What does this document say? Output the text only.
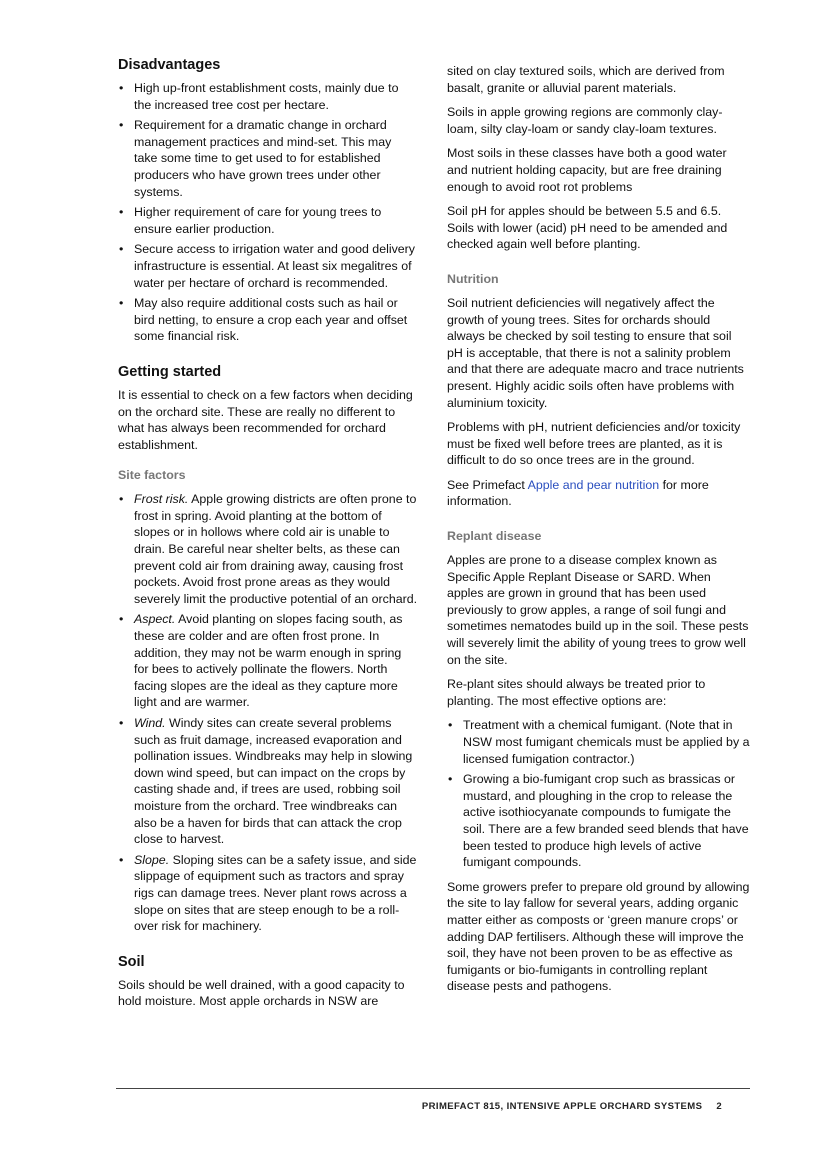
Disadvantages
• High up-front establishment costs, mainly due to the increased tree cost per hectare.
• Requirement for a dramatic change in orchard management practices and mind-set. This may take some time to get used to for established producers who have grown trees under other systems.
• Higher requirement of care for young trees to ensure earlier production.
• Secure access to irrigation water and good delivery infrastructure is essential. At least six megalitres of water per hectare of orchard is recommended.
• May also require additional costs such as hail or bird netting, to ensure a crop each year and offset some financial risk.
Getting started

It is essential to check on a few factors when deciding on the orchard site. These are really no different to what has always been recommended for orchard establishment.

Site factors
• Frost risk. Apple growing districts are often prone to frost in spring. Avoid planting at the bottom of slopes or in hollows where cold air is unable to drain. Be careful near shelter belts, as these can prevent cold air from draining away, causing frost pockets. Avoid frost prone areas as they would severely limit the productive potential of an orchard.
• Aspect. Avoid planting on slopes facing south, as these are colder and are often frost prone. In addition, they may not be warm enough in spring for bees to actively pollinate the flowers. North facing slopes are the ideal as they capture more light and are warmer.
• Wind. Windy sites can create several problems such as fruit damage, increased evaporation and pollination issues. Windbreaks may help in slowing down wind speed, but can impact on the crops by casting shade and, if trees are used, robbing soil moisture from the orchard. Tree windbreaks can also be a haven for birds that can attack the crop close to harvest.
• Slope. Sloping sites can be a safety issue, and side slippage of equipment such as tractors and spray rigs can damage trees. Never plant rows across a slope on sites that are steep enough to be a roll-over risk for machinery.
Soil

Soils should be well drained, with a good capacity to hold moisture. Most apple orchards in NSW are

sited on clay textured soils, which are derived from basalt, granite or alluvial parent materials.

Soils in apple growing regions are commonly clay-loam, silty clay-loam or sandy clay-loam textures.

Most soils in these classes have both a good water and nutrient holding capacity, but are free draining enough to avoid root rot problems

Soil pH for apples should be between 5.5 and 6.5. Soils with lower (acid) pH need to be amended and checked again well before planting.

Nutrition

Soil nutrient deficiencies will negatively affect the growth of young trees. Sites for orchards should always be checked by soil testing to ensure that soil pH is acceptable, that there is not a salinity problem and that there are adequate macro and trace nutrients present. Highly acidic soils often have problems with aluminium toxicity.

Problems with pH, nutrient deficiencies and/or toxicity must be fixed well before trees are planted, as it is difficult to do so once trees are in the ground.

See Primefact Apple and pear nutrition for more information.

Replant disease

Apples are prone to a disease complex known as Specific Apple Replant Disease or SARD. When apples are grown in ground that has been used previously to grow apples, a range of soil fungi and sometimes nematodes build up in the soil. These pests will severely limit the ability of young trees to grow well on the site.

Re-plant sites should always be treated prior to planting. The most effective options are:

• Treatment with a chemical fumigant. (Note that in NSW most fumigant chemicals must be applied by a licensed fumigation contractor.)
• Growing a bio-fumigant crop such as brassicas or mustard, and ploughing in the crop to release the active isothiocyanate compounds to fumigate the soil. There are a few branded seed blends that have been tested to produce high levels of active fumigant compounds.

Some growers prefer to prepare old ground by allowing the site to lay fallow for several years, adding organic matter either as composts or ‘green manure crops’ or adding DAP fertilisers. Although these will improve the soil, they have not been proven to be as effective as fumigants or bio-fumigants in controlling replant disease pests and pathogens.

PRIMEFACT 815, INTENSIVE APPLE ORCHARD SYSTEMS 2
